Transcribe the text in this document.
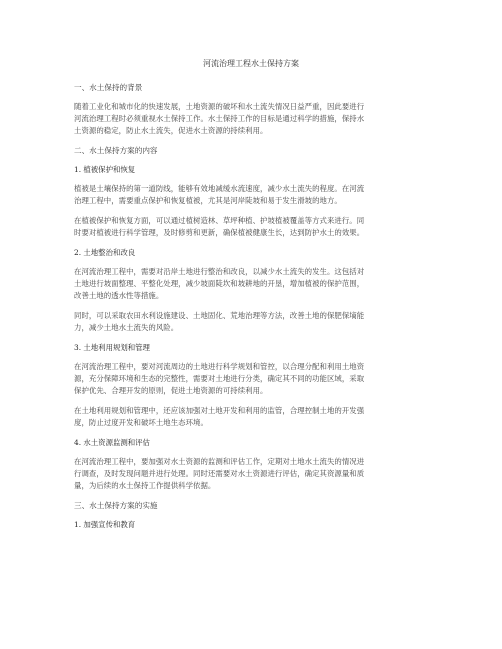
河流治理工程水土保持方案
一、水土保持的背景
随着工业化和城市化的快速发展，土地资源的破坏和水土流失情况日益严重，因此要进行
河流治理工程时必须重视水土保持工作。水土保持工作的目标是通过科学的措施，保持水
土资源的稳定，防止水土流失，促进水土资源的持续利用。
二、水土保持方案的内容
1. 植被保护和恢复
植被是土壤保持的第一道防线，能够有效地减缓水流速度，减少水土流失的程度。在河流
治理工程中，需要重点保护和恢复植被，尤其是河岸陡坡和易于发生滑坡的地方。
在植被保护和恢复方面，可以通过植树造林、草坪种植、护坡植被覆盖等方式来进行。同
时要对植被进行科学管理，及时修剪和更新，确保植被健康生长，达到防护水土的效果。
2. 土地整治和改良
在河流治理工程中，需要对沿岸土地进行整治和改良，以减少水土流失的发生。这包括对
土地进行坡面整理、平整化处理，减少坡面陡坎和坡耕地的开垦，增加植被的保护范围，
改善土地的透水性等措施。
同时，可以采取农田水利设施建设、土地固化、荒地治理等方法，改善土地的保肥保墒能
力，减少土地水土流失的风险。
3. 土地利用规划和管理
在河流治理工程中，要对河流周边的土地进行科学规划和管控，以合理分配和利用土地资
源，充分保障环境和生态的完整性，需要对土地进行分类，确定其不同的功能区域，采取
保护优先、合理开发的原则，促进土地资源的可持续利用。
在土地利用规划和管理中，还应该加强对土地开发和利用的监管，合理控制土地的开发强
度，防止过度开发和破坏土地生态环境。
4. 水土资源监测和评估
在河流治理工程中，要加强对水土资源的监测和评估工作，定期对土地水土流失的情况进
行调查，及时发现问题并进行处理。同时还需要对水土资源进行评估，确定其资源量和质
量，为后续的水土保持工作提供科学依据。
三、水土保持方案的实施
1. 加强宣传和教育
